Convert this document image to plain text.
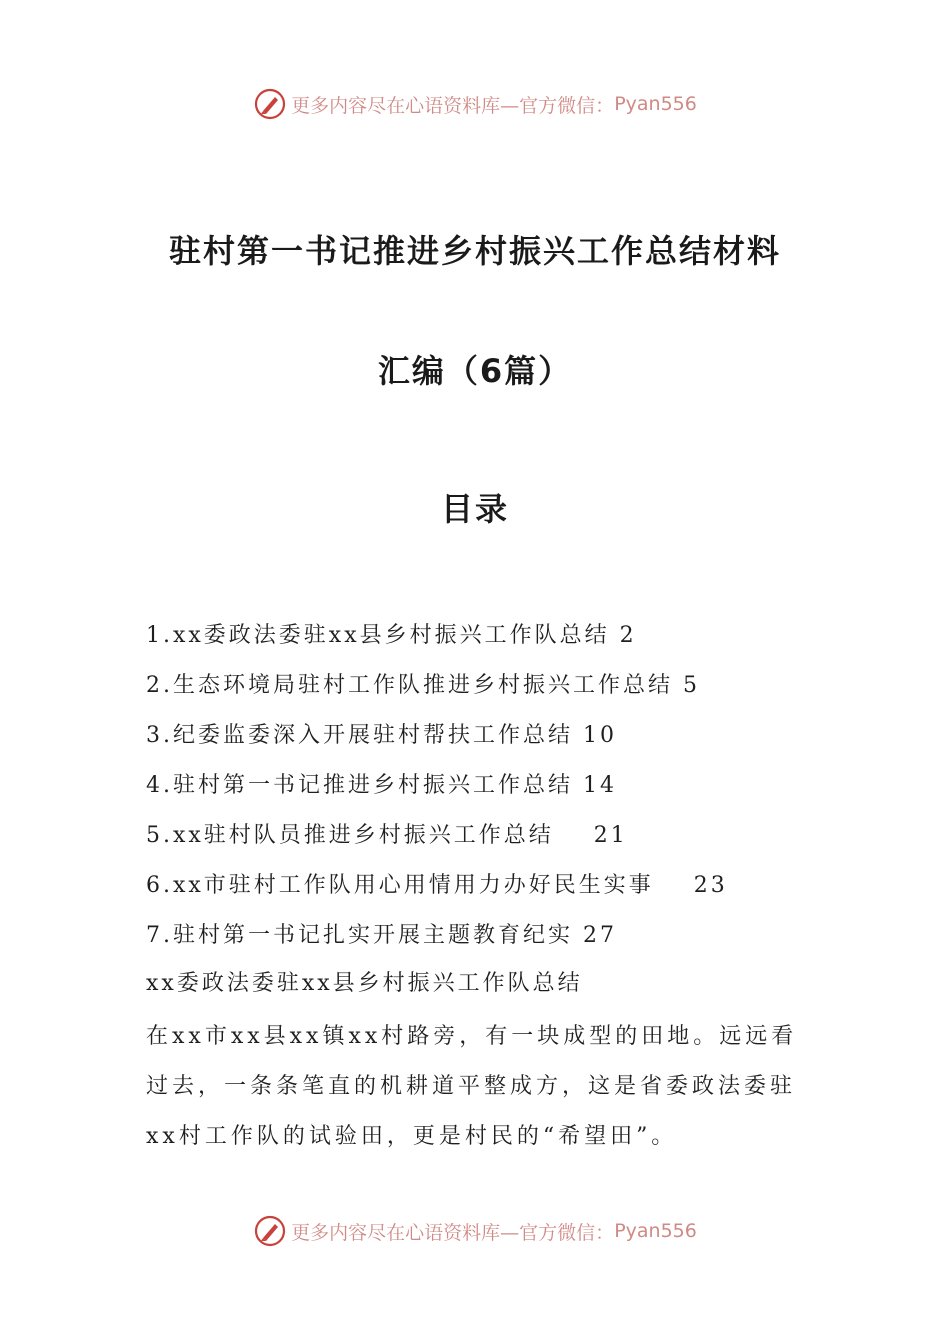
更多内容尽在心语资料库— 官方微信： Pyan556
驻村第一书记推进乡村振兴工作总结材料
汇编（6篇）
目录
1.xx委政法委驻xx县乡村振兴工作队总结 2
2.生态环境局驻村工作队推进乡村振兴工作总结 5
3.纪委监委深入开展驻村帮扶工作总结 10
4.驻村第一书记推进乡村振兴工作总结 14
5.xx驻村队员推进乡村振兴工作总结    21
6.xx市驻村工作队用心用情用力办好民生实事    23
7.驻村第一书记扎实开展主题教育纪实 27
xx委政法委驻xx县乡村振兴工作队总结
在xx市xx县xx镇xx村路旁，有一块成型的田地。远远看过去，一条条笔直的机耕道平整成方，这是省委政法委驻xx村工作队的试验田，更是村民的“希望田”。
更多内容尽在心语资料库— 官方微信： Pyan556
